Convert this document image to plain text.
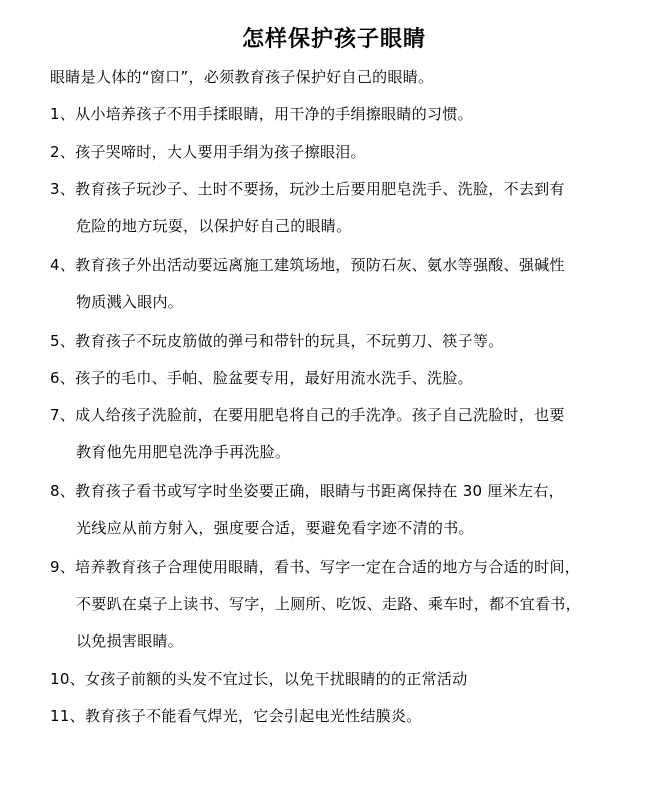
怎样保护孩子眼睛
眼睛是人体的“窗口”，必须教育孩子保护好自己的眼睛。
1、从小培养孩子不用手揉眼睛，用干净的手绢擦眼睛的习惯。
2、孩子哭啼时，大人要用手绢为孩子擦眼泪。
3、教育孩子玩沙子、土时不要扬，玩沙土后要用肥皂洗手、洗脸，不去到有
危险的地方玩耍，以保护好自己的眼睛。
4、教育孩子外出活动要远离施工建筑场地，预防石灰、氨水等强酸、强碱性
物质溅入眼内。
5、教育孩子不玩皮筋做的弹弓和带针的玩具，不玩剪刀、筷子等。
6、孩子的毛巾、手帕、脸盆要专用，最好用流水洗手、洗脸。
7、成人给孩子洗脸前，在要用肥皂将自己的手洗净。孩子自己洗脸时，也要
教育他先用肥皂洗净手再洗脸。
8、教育孩子看书或写字时坐姿要正确，眼睛与书距离保持在 30 厘米左右，
光线应从前方射入，强度要合适，要避免看字迹不清的书。
9、培养教育孩子合理使用眼睛，看书、写字一定在合适的地方与合适的时间，
不要趴在桌子上读书、写字，上厕所、吃饭、走路、乘车时，都不宜看书，
以免损害眼睛。
10、女孩子前额的头发不宜过长，以免干扰眼睛的的正常活动
11、教育孩子不能看气焊光，它会引起电光性结膜炎。
